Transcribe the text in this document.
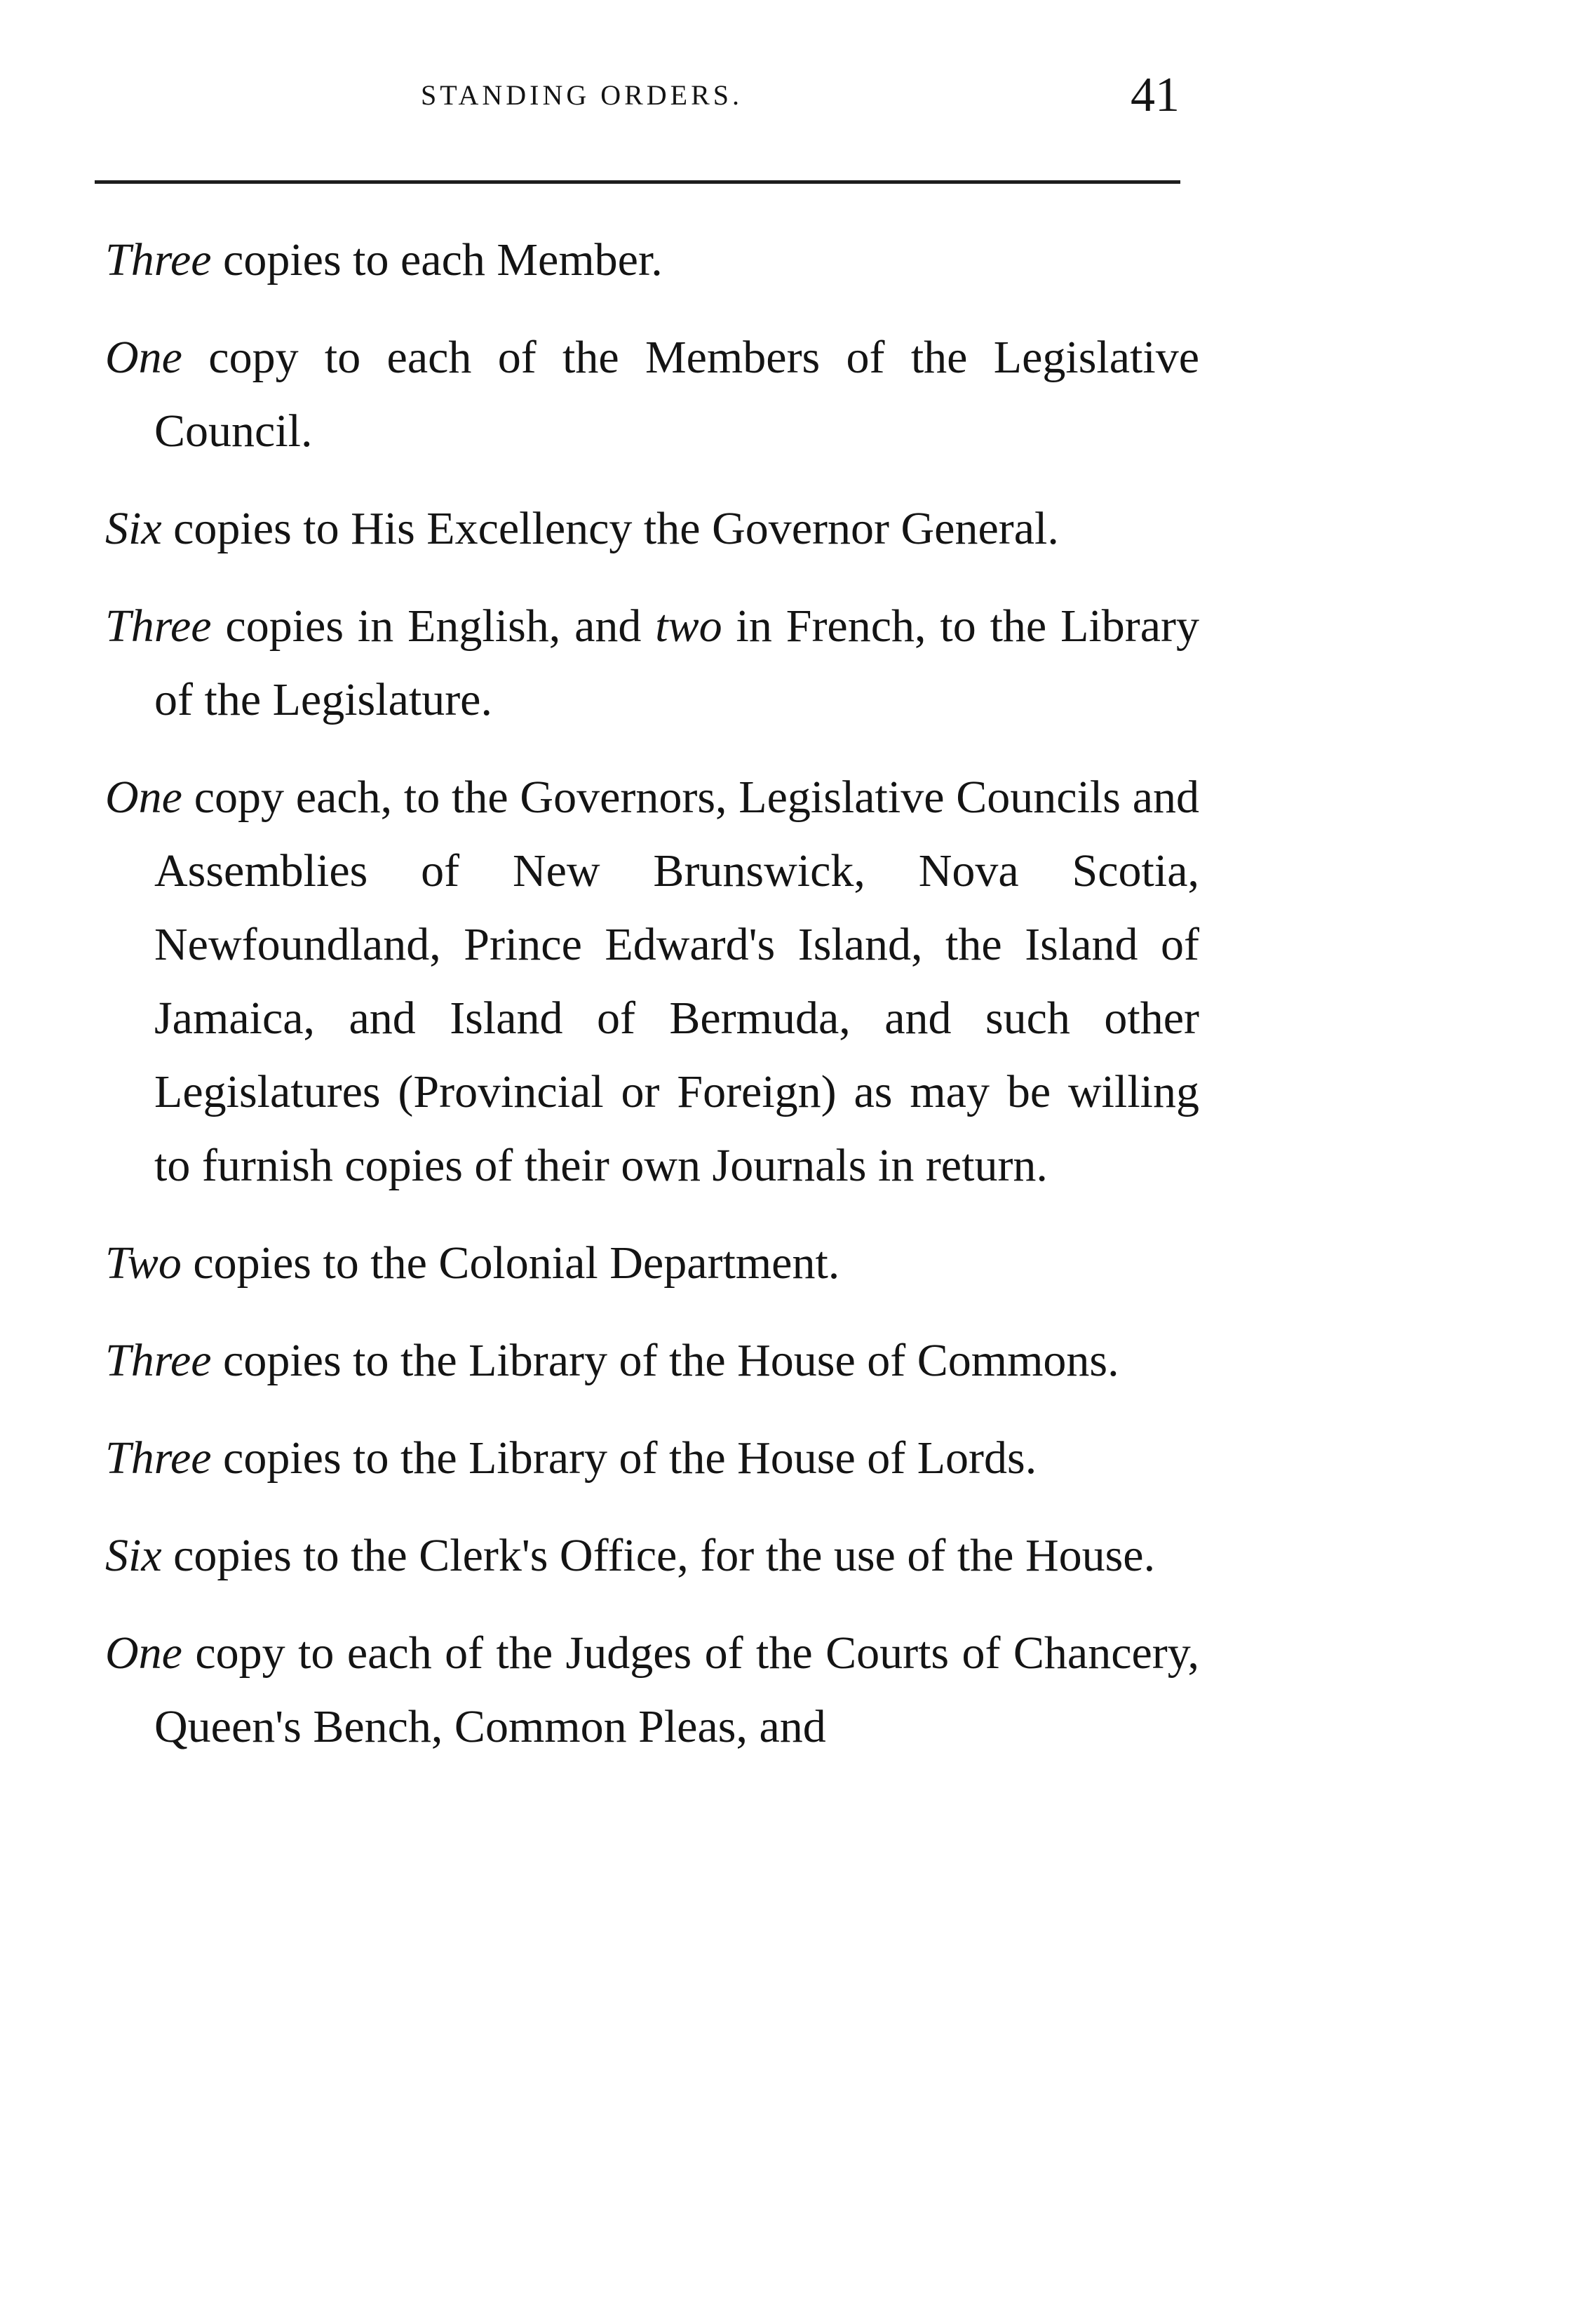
STANDING ORDERS.	41

Three copies to each Member.

One copy to each of the Members of the Legislative Council.

Six copies to His Excellency the Governor General.

Three copies in English, and two in French, to the Library of the Legislature.

One copy each, to the Governors, Legislative Councils and Assemblies of New Brunswick, Nova Scotia, Newfoundland, Prince Edward's Island, the Island of Jamaica, and Island of Bermuda, and such other Legislatures (Provincial or Foreign) as may be willing to furnish copies of their own Journals in return.

Two copies to the Colonial Department.

Three copies to the Library of the House of Commons.

Three copies to the Library of the House of Lords.

Six copies to the Clerk's Office, for the use of the House.

One copy to each of the Judges of the Courts of Chancery, Queen's Bench, Common Pleas, and
